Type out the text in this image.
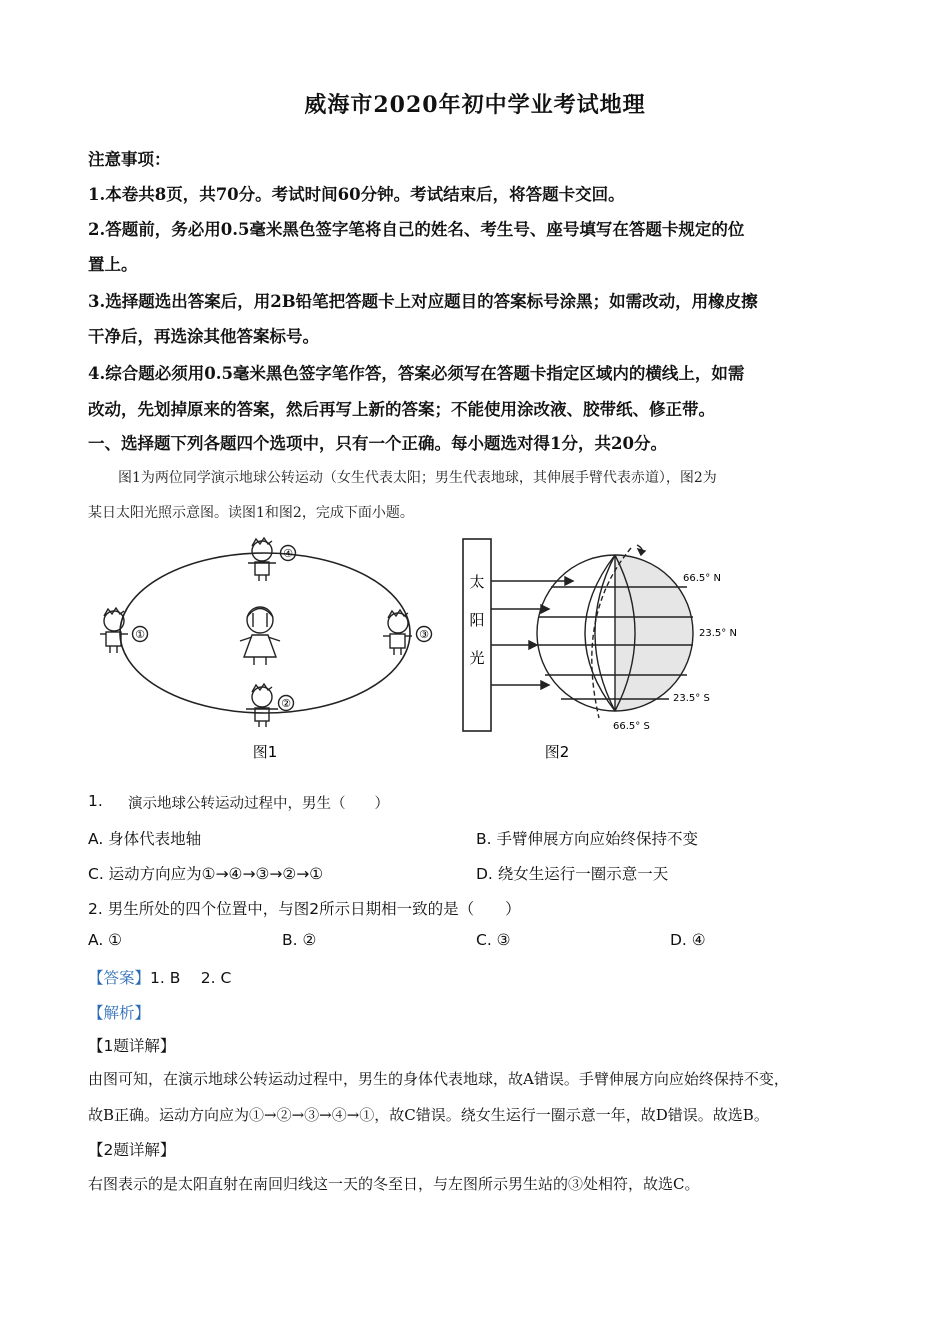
威海市2020年初中学业考试地理
注意事项：
1.本卷共8页，共70分。考试时间60分钟。考试结束后，将答题卡交回。
2.答题前，务必用0.5毫米黑色签字笔将自己的姓名、考生号、座号填写在答题卡规定的位
置上。
3.选择题选出答案后，用2B铅笔把答题卡上对应题目的答案标号涂黑；如需改动，用橡皮擦
干净后，再选涂其他答案标号。
4.综合题必须用0.5毫米黑色签字笔作答，答案必须写在答题卡指定区域内的横线上，如需
改动，先划掉原来的答案，然后再写上新的答案；不能使用涂改液、胶带纸、修正带。
一、选择题下列各题四个选项中，只有一个正确。每小题选对得1分，共20分。
图1为两位同学演示地球公转运动（女生代表太阳；男生代表地球，其伸展手臂代表赤道），图2为
某日太阳光照示意图。读图1和图2，完成下面小题。
④
①	③
②
图1
太
阳
光
66.5° N
23.5° N
23.5° S
66.5° S
图2
1. 演示地球公转运动过程中，男生（　　）
A. 身体代表地轴	B. 手臂伸展方向应始终保持不变
C. 运动方向应为①→④→③→②→①	D. 绕女生运行一圈示意一天
2. 男生所处的四个位置中，与图2所示日期相一致的是（　　）
A. ①	B. ②	C. ③	D. ④
【答案】1. B　 2. C
【解析】
【1题详解】
由图可知，在演示地球公转运动过程中，男生的身体代表地球，故A错误。手臂伸展方向应始终保持不变，
故B正确。运动方向应为①→②→③→④→①，故C错误。绕女生运行一圈示意一年，故D错误。故选B。
【2题详解】
右图表示的是太阳直射在南回归线这一天的冬至日，与左图所示男生站的③处相符，故选C。
